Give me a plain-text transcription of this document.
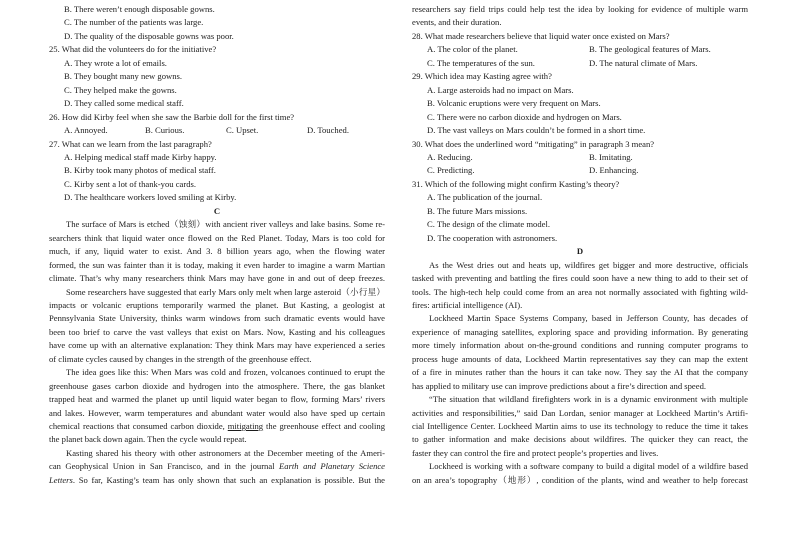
B. There weren’t enough disposable gowns.
C. The number of the patients was large.
D. The quality of the disposable gowns was poor.
25. What did the volunteers do for the initiative?
A. They wrote a lot of emails.
B. They bought many new gowns.
C. They helped make the gowns.
D. They called some medical staff.
26. How did Kirby feel when she saw the Barbie doll for the first time?
A. Annoyed.	B. Curious.	C. Upset.	D. Touched.
27. What can we learn from the last paragraph?
A. Helping medical staff made Kirby happy.
B. Kirby took many photos of medical staff.
C. Kirby sent a lot of thank-you cards.
D. The healthcare workers loved smiling at Kirby.
C
The surface of Mars is etched（蚀刻）with ancient river valleys and lake basins. Some re-
searchers think that liquid water once flowed on the Red Planet. Today, Mars is too cold for
much, if any, liquid water to exist. And 3. 8 billion years ago, when the flowing water
formed, the sun was fainter than it is today, making it even harder to imagine a warm Martian
climate. That’s why many researchers think Mars may have gone in and out of deep freezes.
Some researchers have suggested that early Mars only melt when large asteroid（小行星）
impacts or volcanic eruptions temporarily warmed the planet. But Kasting, a geologist at
Pennsylvania State University, thinks warm windows from such dramatic events would have
been too brief to carve the vast valleys that exist on Mars. Now, Kasting and his colleagues
have come up with an alternative explanation: They think Mars may have experienced a series
of climate cycles caused by changes in the strength of the greenhouse effect.
The idea goes like this: When Mars was cold and frozen, volcanoes continued to erupt the
greenhouse gases carbon dioxide and hydrogen into the atmosphere. There, the gas blanket
trapped heat and warmed the planet up until liquid water began to flow, forming Mars’ rivers
and lakes. However, warm temperatures and abundant water would also have sped up certain
chemical reactions that consumed carbon dioxide, mitigating the greenhouse effect and cooling
the planet back down again. Then the cycle would repeat.
Kasting shared his theory with other astronomers at the December meeting of the Ameri-
can Geophysical Union in San Francisco, and in the journal Earth and Planetary Science
Letters. So far, Kasting’s team has only shown that such an explanation is possible. But the
researchers say field trips could help test the idea by looking for evidence of multiple warm
events, and their duration.
28. What made researchers believe that liquid water once existed on Mars?
A. The color of the planet.	B. The geological features of Mars.
C. The temperatures of the sun.	D. The natural climate of Mars.
29. Which idea may Kasting agree with?
A. Large asteroids had no impact on Mars.
B. Volcanic eruptions were very frequent on Mars.
C. There were no carbon dioxide and hydrogen on Mars.
D. The vast valleys on Mars couldn’t be formed in a short time.
30. What does the underlined word “mitigating” in paragraph 3 mean?
A. Reducing.	B. Imitating.
C. Predicting.	D. Enhancing.
31. Which of the following might confirm Kasting’s theory?
A. The publication of the journal.
B. The future Mars missions.
C. The design of the climate model.
D. The cooperation with astronomers.
D
As the West dries out and heats up, wildfires get bigger and more destructive, officials
tasked with preventing and battling the fires could soon have a new thing to add to their set of
tools. The high-tech help could come from an area not normally associated with fighting wild-
fires: artificial intelligence (AI).
Lockheed Martin Space Systems Company, based in Jefferson County, has decades of
experience of managing satellites, exploring space and providing information. By generating
more timely information about on-the-ground conditions and running computer programs to
process huge amounts of data, Lockheed Martin representatives say they can map the extent
of a fire in minutes rather than the hours it can take now. They say the AI that the company
has applied to military use can improve predictions about a fire’s direction and speed.
“The situation that wildland firefighters work in is a dynamic environment with multiple
activities and responsibilities,” said Dan Lordan, senior manager at Lockheed Martin’s Artifi-
cial Intelligence Center. Lockheed Martin aims to use its technology to reduce the time it takes
to gather information and make decisions about wildfires. The quicker they can react, the
faster they can control the fire and protect people’s properties and lives.
Lockheed is working with a software company to build a digital model of a wildfire based
on an area’s topography（地形）, condition of the plants, wind and weather to help forecast
